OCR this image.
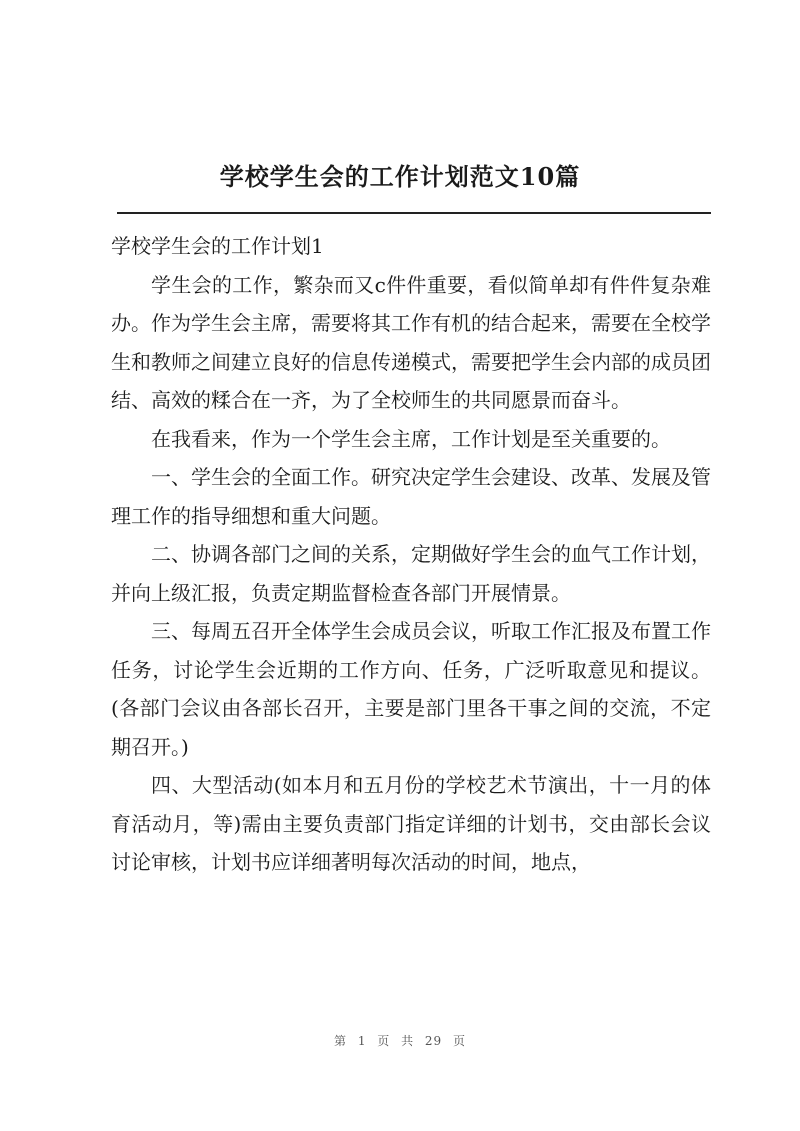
学校学生会的工作计划范文10篇
学校学生会的工作计划1

学生会的工作，繁杂而又c件件重要，看似简单却有件件复杂难办。作为学生会主席，需要将其工作有机的结合起来，需要在全校学生和教师之间建立良好的信息传递模式，需要把学生会内部的成员团结、高效的糅合在一齐，为了全校师生的共同愿景而奋斗。

在我看来，作为一个学生会主席，工作计划是至关重要的。

一、学生会的全面工作。研究决定学生会建设、改革、发展及管理工作的指导细想和重大问题。

二、协调各部门之间的关系，定期做好学生会的血气工作计划，并向上级汇报，负责定期监督检查各部门开展情景。

三、每周五召开全体学生会成员会议，听取工作汇报及布置工作任务，讨论学生会近期的工作方向、任务，广泛听取意见和提议。(各部门会议由各部长召开，主要是部门里各干事之间的交流，不定期召开。)

四、大型活动(如本月和五月份的学校艺术节演出，十一月的体育活动月，等)需由主要负责部门指定详细的计划书，交由部长会议讨论审核，计划书应详细著明每次活动的时间，地点，

第 1 页 共 29 页
